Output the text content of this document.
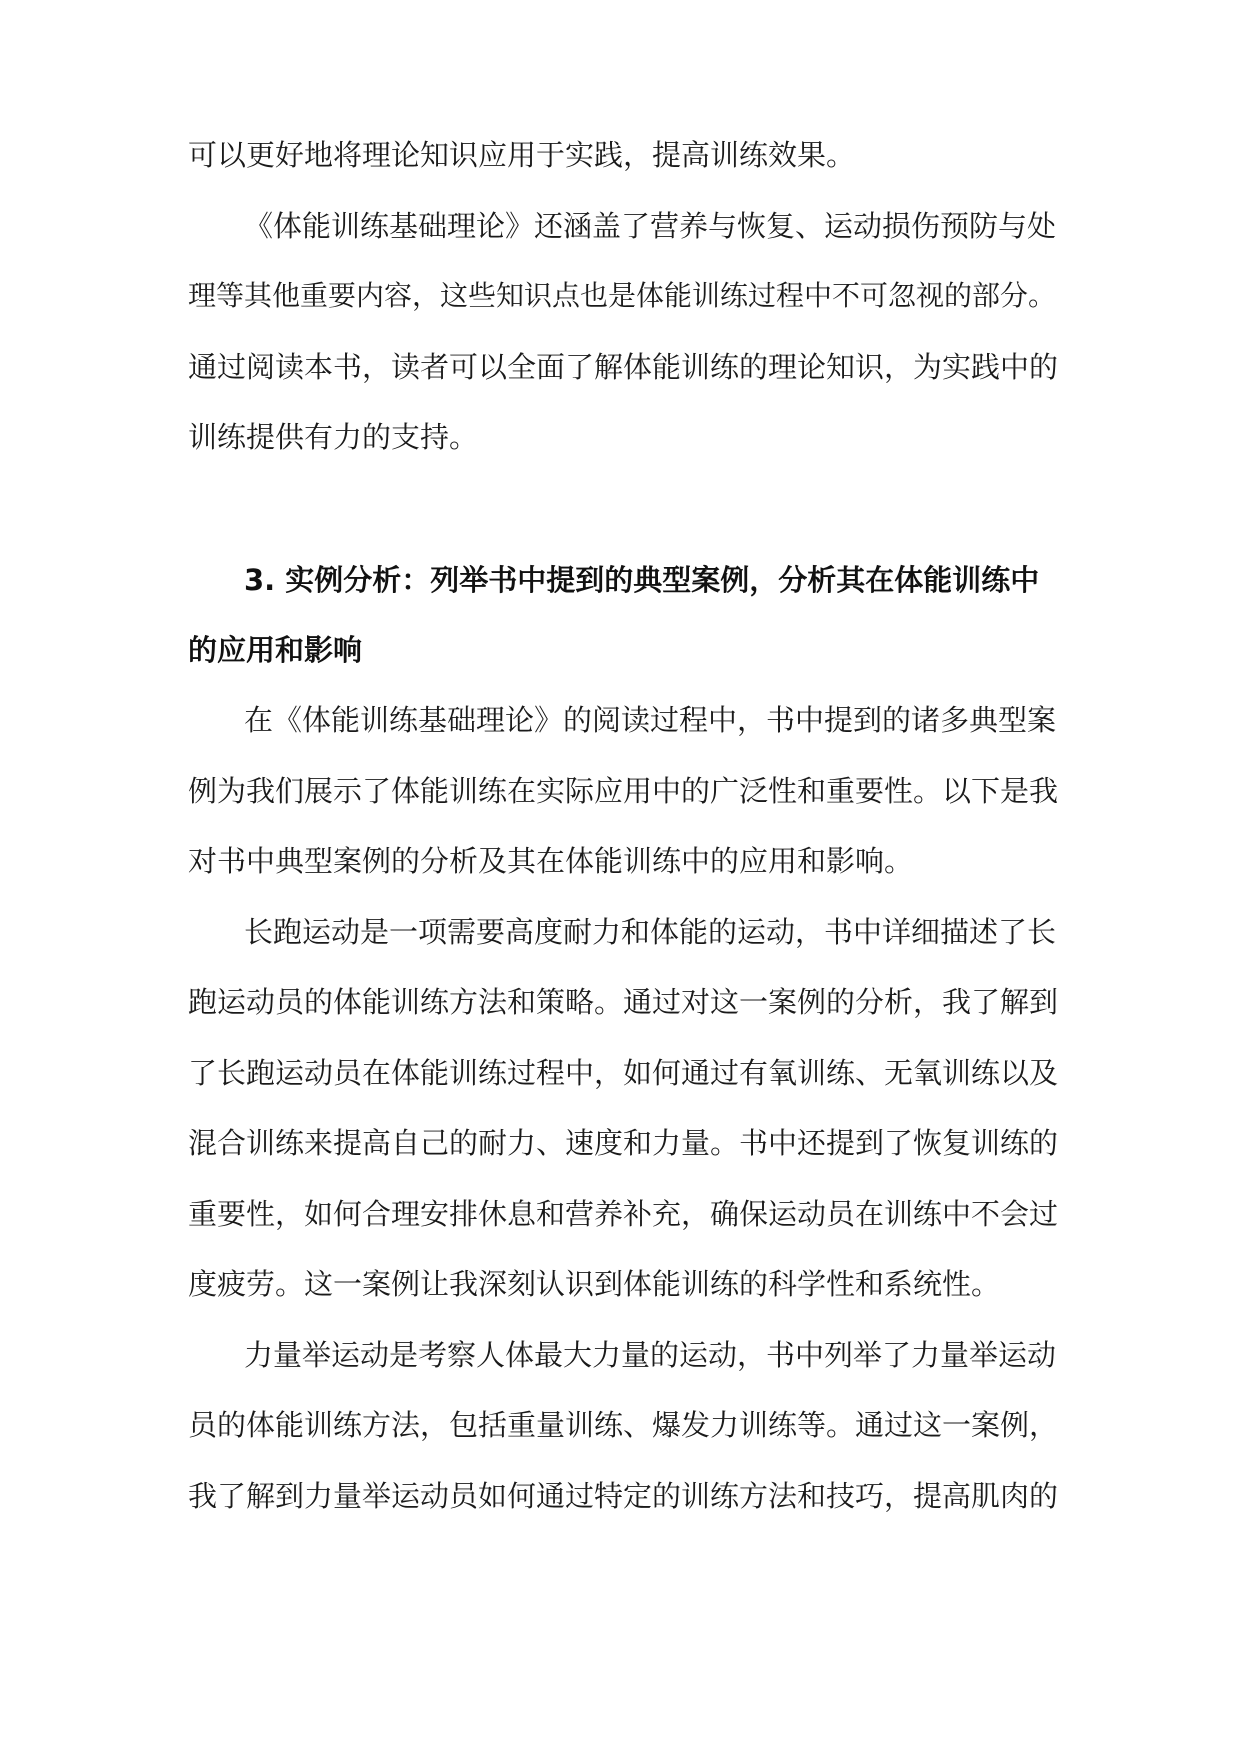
可以更好地将理论知识应用于实践，提高训练效果。
《体能训练基础理论》还涵盖了营养与恢复、运动损伤预防与处
理等其他重要内容，这些知识点也是体能训练过程中不可忽视的部分。
通过阅读本书，读者可以全面了解体能训练的理论知识，为实践中的
训练提供有力的支持。
3. 实例分析：列举书中提到的典型案例，分析其在体能训练中
的应用和影响
在《体能训练基础理论》的阅读过程中，书中提到的诸多典型案
例为我们展示了体能训练在实际应用中的广泛性和重要性。以下是我
对书中典型案例的分析及其在体能训练中的应用和影响。
长跑运动是一项需要高度耐力和体能的运动，书中详细描述了长
跑运动员的体能训练方法和策略。通过对这一案例的分析，我了解到
了长跑运动员在体能训练过程中，如何通过有氧训练、无氧训练以及
混合训练来提高自己的耐力、速度和力量。书中还提到了恢复训练的
重要性，如何合理安排休息和营养补充，确保运动员在训练中不会过
度疲劳。这一案例让我深刻认识到体能训练的科学性和系统性。
力量举运动是考察人体最大力量的运动，书中列举了力量举运动
员的体能训练方法，包括重量训练、爆发力训练等。通过这一案例，
我了解到力量举运动员如何通过特定的训练方法和技巧，提高肌肉的
